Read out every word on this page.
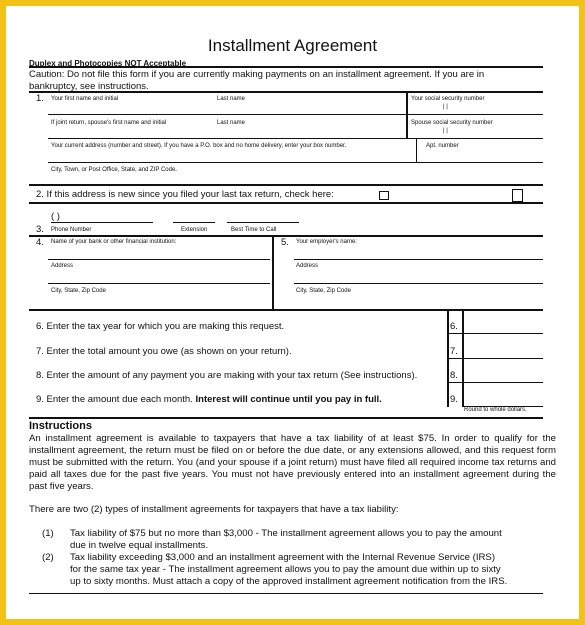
Installment Agreement
Duplex and Photocopies NOT Acceptable
Caution: Do not file this form if you are currently making payments on an installment agreement. If you are in
bankruptcy, see instructions.
1. Your first name and initial	Last name	Your social security number
| |
If joint return, spouse's first name and initial	Last name	Spouse social security number
| |
Your current address (number and street). If you have a P.O. box and no home delivery, enter your box number.	Apt. number
City, Town, or Post Office, State, and ZIP Code.
2. If this address is new since you filed your last tax return, check here:
( )
3. Phone Number	Extension	Best Time to Call
4. Name of your bank or other financial institution:	5. Your employer's name:
Address	Address
City, State, Zip Code	City, State, Zip Code
6. Enter the tax year for which you are making this request.
7. Enter the total amount you owe (as shown on your return).
8. Enter the amount of any payment you are making with your tax return (See instructions).
9. Enter the amount due each month. Interest will continue until you pay in full.
6.
7.
8.
9.
Round to whole dollars.
Instructions
An installment agreement is available to taxpayers that have a tax liability of at least $75. In order to qualify for the installment agreement, the return must be filed on or before the due date, or any extensions allowed, and this request form must be submitted with the return. You (and your spouse if a joint return) must have filed all required income tax returns and paid all taxes due for the past five years. You must not have previously entered into an installment agreement during the past five years.
There are two (2) types of installment agreements for taxpayers that have a tax liability:
(1) Tax liability of $75 but no more than $3,000 - The installment agreement allows you to pay the amount
due in twelve equal installments.
(2) Tax liability exceeding $3,000 and an installment agreement with the Internal Revenue Service (IRS)
for the same tax year - The installment agreement allows you to pay the amount due within up to sixty
up to sixty months. Must attach a copy of the approved installment agreement notification from the IRS.
